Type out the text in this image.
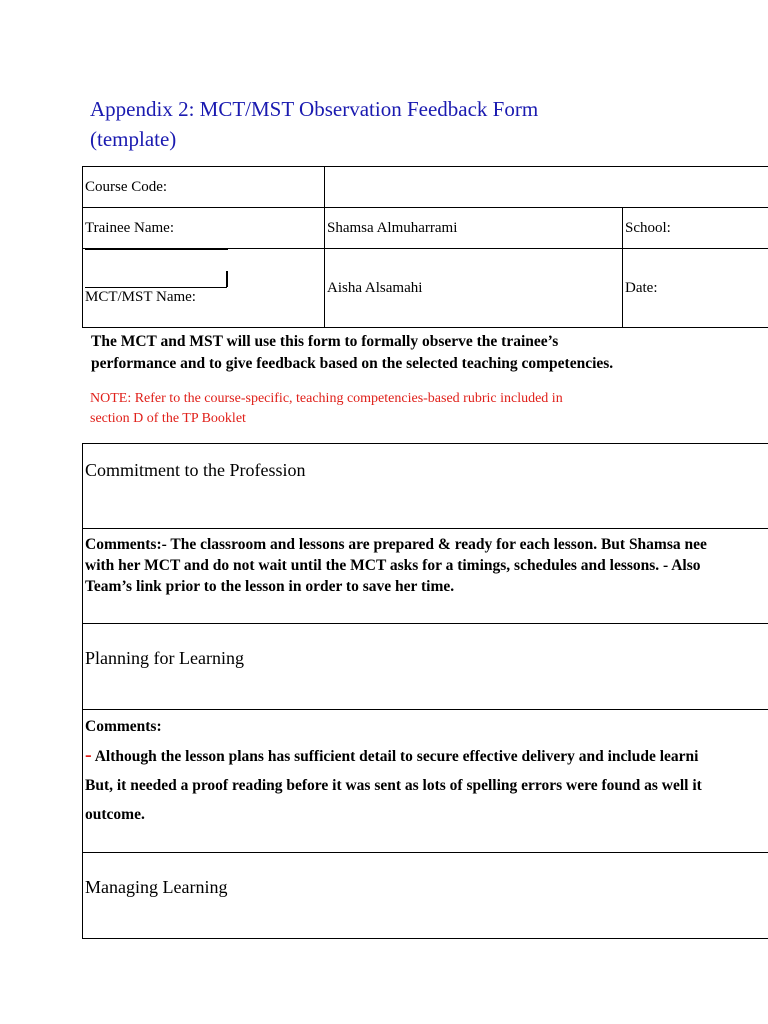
Appendix 2: MCT/MST Observation Feedback Form
(template)
Course Code:		
Trainee Name:	Shamsa Almuharrami	School:

MCT/MST Name:	Aisha Alsamahi	Date:
The MCT and MST will use this form to formally observe the trainee’s
performance and to give feedback based on the selected teaching competencies.
NOTE: Refer to the course-specific, teaching competencies-based rubric included in
section D of the TP Booklet
Commitment to the Profession

Comments:- The classroom and lessons are prepared & ready for each lesson. But Shamsa nee
with her MCT and do not wait until the MCT asks for a timings, schedules and lessons. - Also
Team’s link prior to the lesson in order to save her time.

Planning for Learning

Comments:
- Although the lesson plans has sufficient detail to secure effective delivery and include learni
But, it needed a proof reading before it was sent as lots of spelling errors were found as well it
outcome.

Managing Learning
